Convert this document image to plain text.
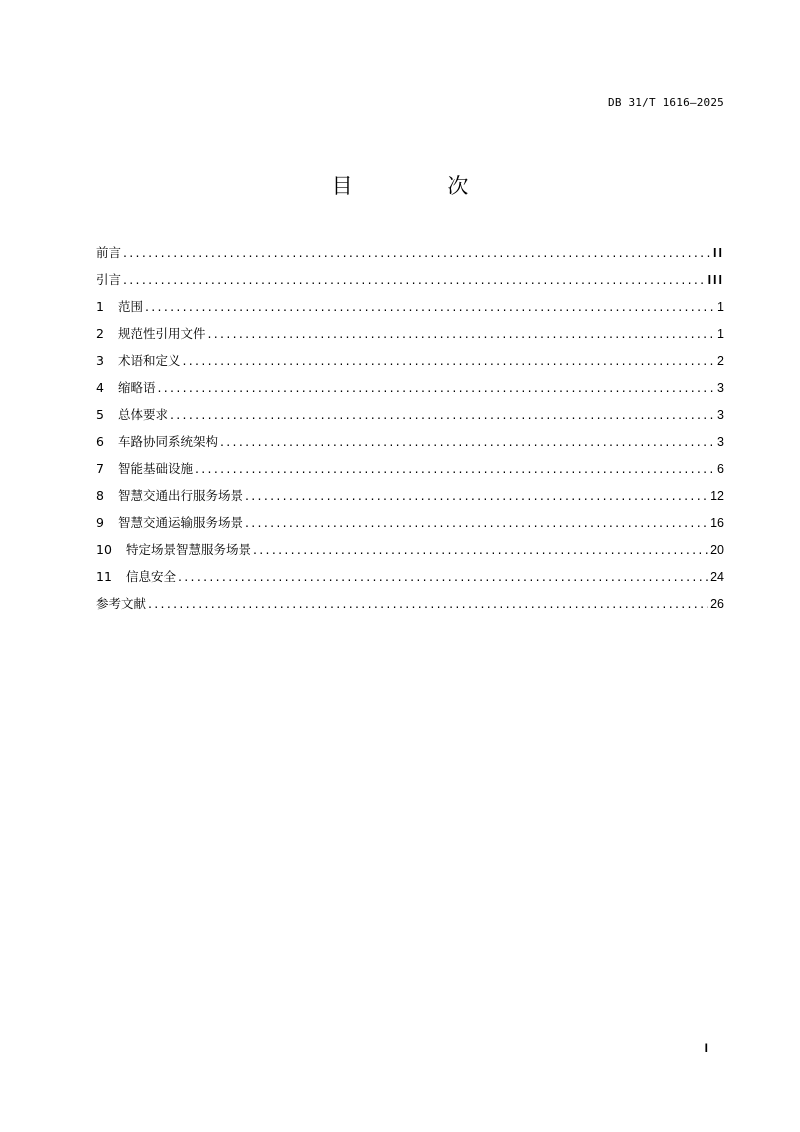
DB 31/T 1616—2025
目 次
前言 .....	II
引言 .....	III
1	范围 .....	1
2	规范性引用文件 .....	1
3	术语和定义 .....	2
4	缩略语 .....	3
5	总体要求 .....	3
6	车路协同系统架构 .....	3
7	智能基础设施 .....	6
8	智慧交通出行服务场景 .....	12
9	智慧交通运输服务场景 .....	16
10	特定场景智慧服务场景 .....	20
11	信息安全 .....	24
参考文献 .....	26
I
